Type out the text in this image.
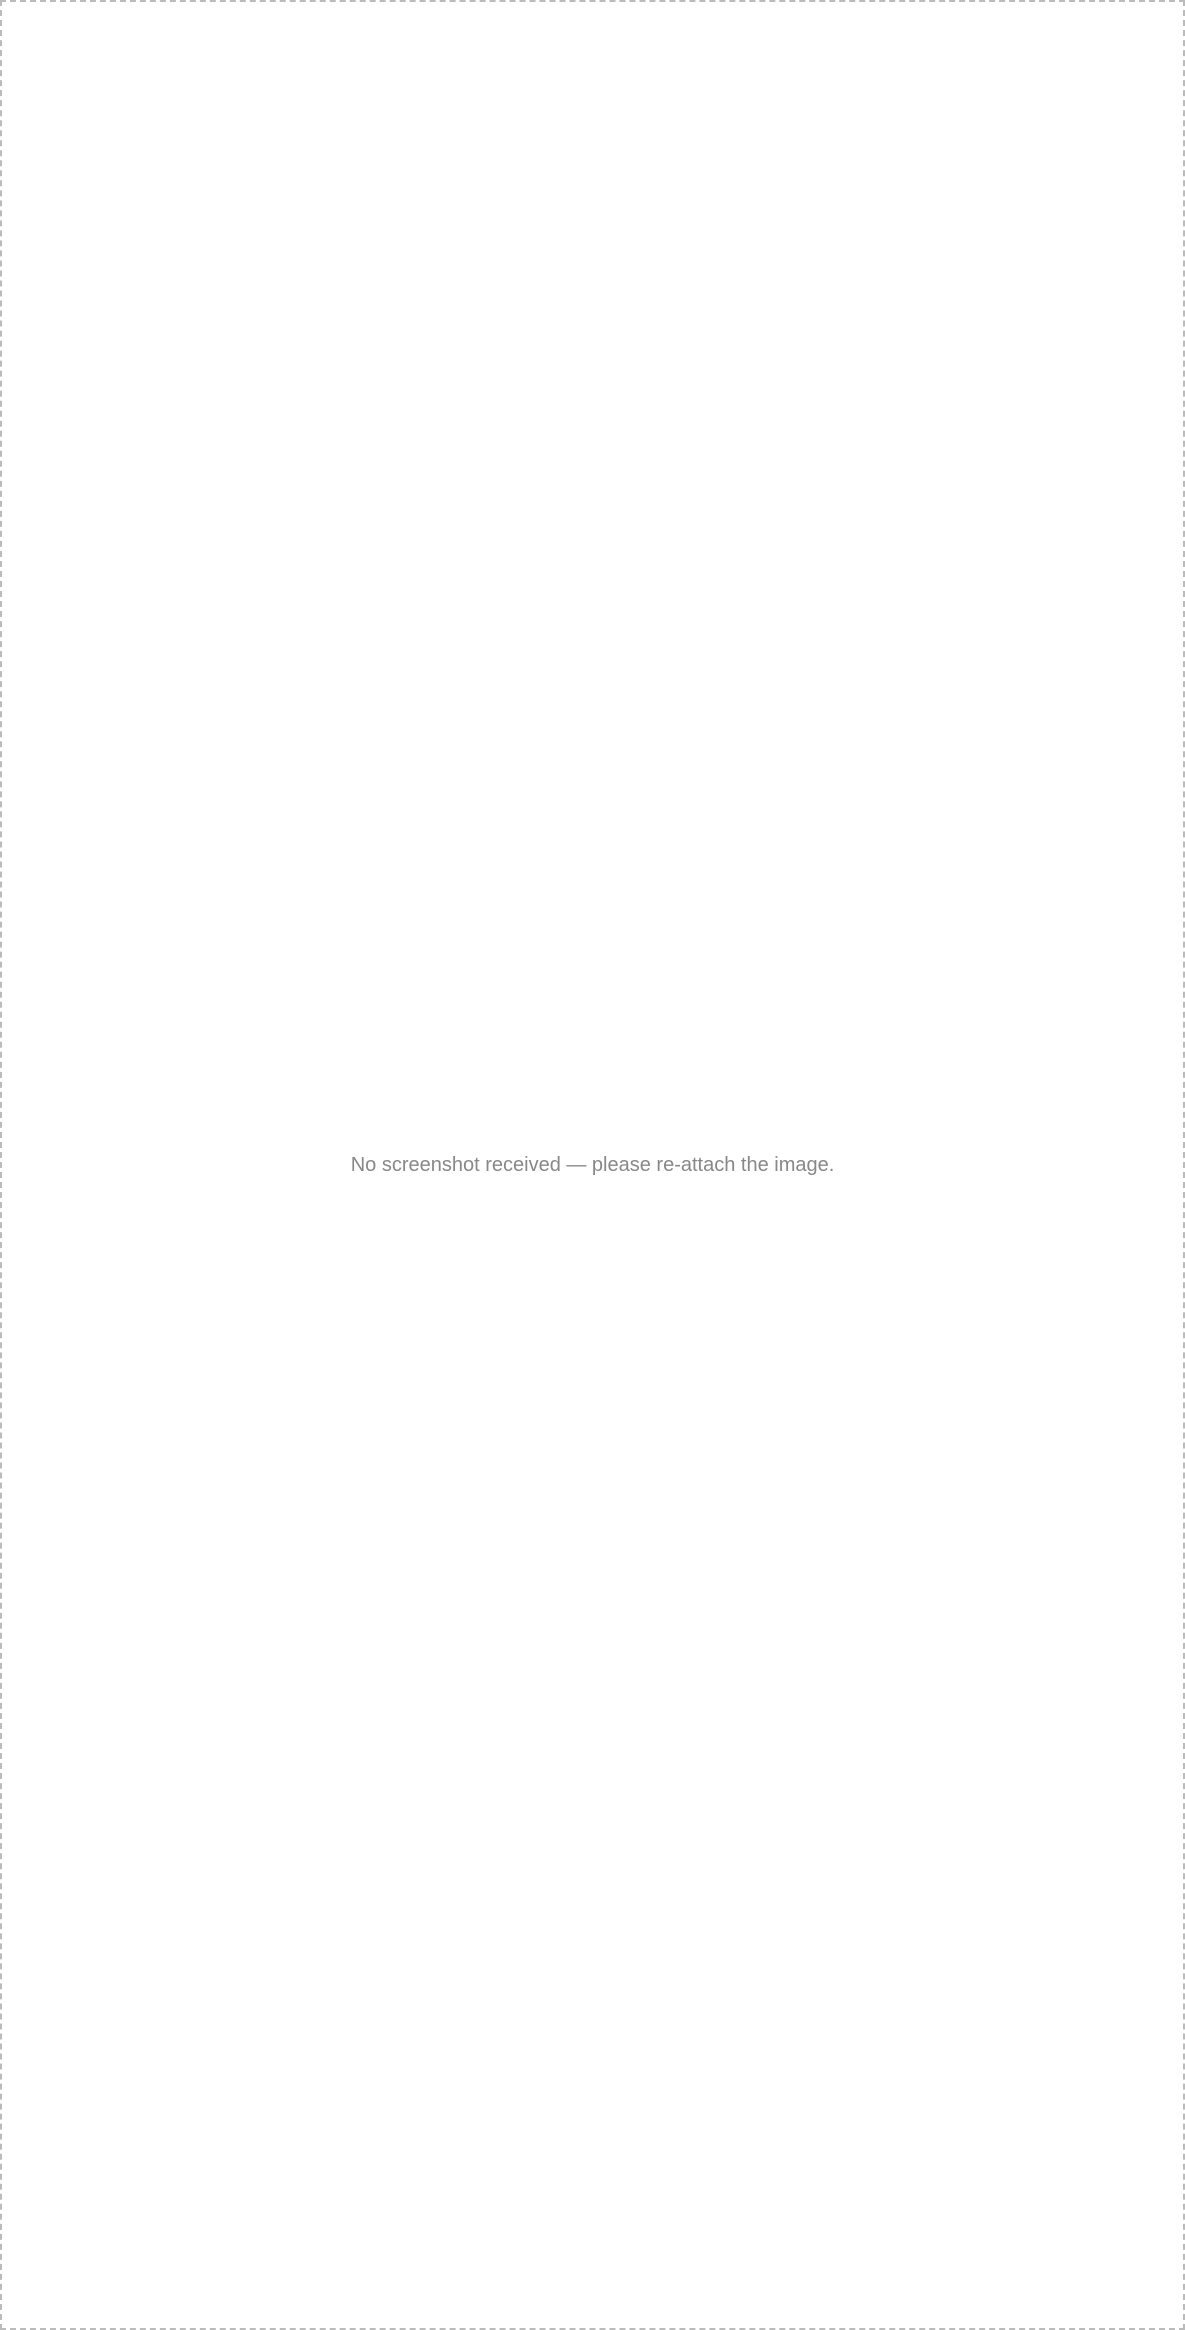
No screenshot received — please re-attach the image.
